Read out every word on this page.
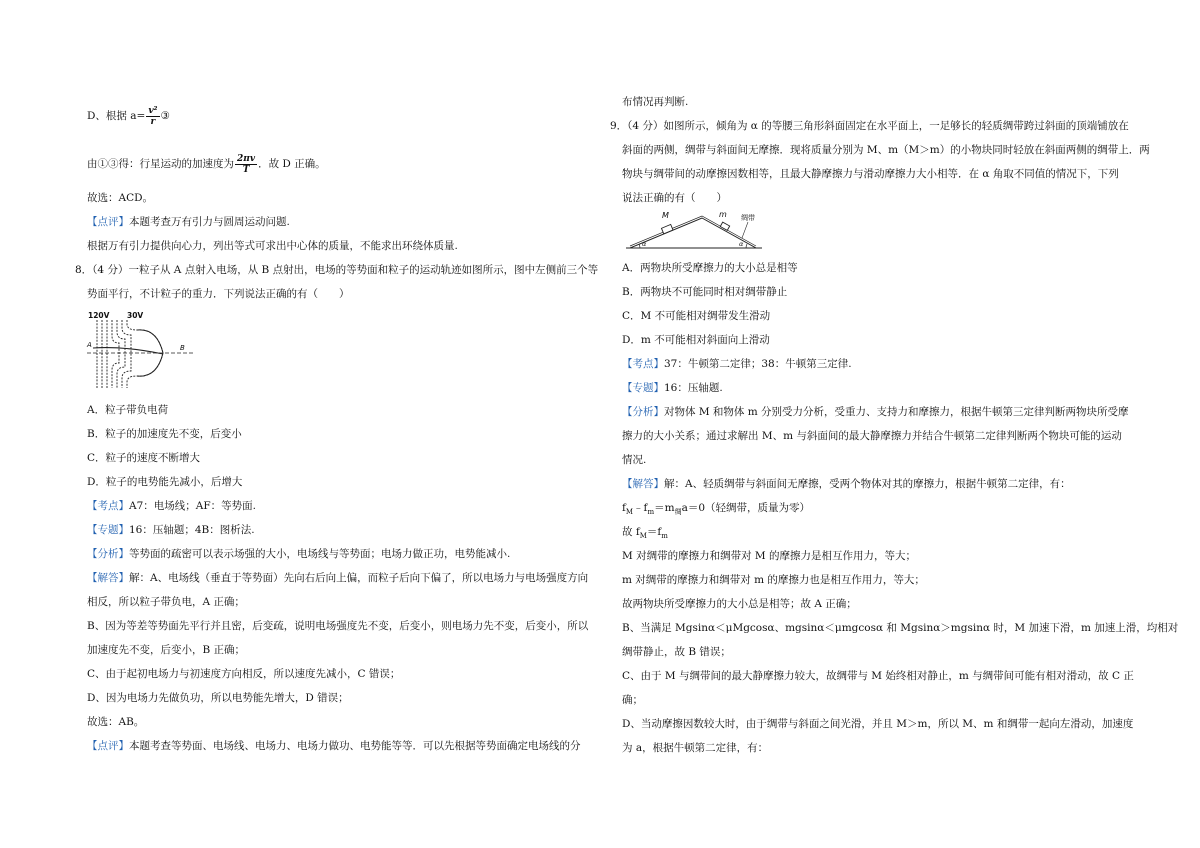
D、根据 $a= \frac{\text{v²}}{r}$ ③
由①③得：行星运动的加速度为 $\frac{2\pi v}{T}$ ．故 D 正确。
故选：ACD。
【点评】本题考查万有引力与圆周运动问题.
根据万有引力提供向心力，列出等式可求出中心体的质量，不能求出环绕体质量.
8．（4 分）一粒子从 A 点射入电场，从 B 点射出，电场的等势面和粒子的运动轨迹如图所示，图中左侧前三个等
势面平行，不计粒子的重力．下列说法正确的有（　　）
120V 30V
A	B
A．粒子带负电荷
B．粒子的加速度先不变，后变小
C．粒子的速度不断增大
D．粒子的电势能先减小，后增大
【考点】A7：电场线；AF：等势面.
【专题】16：压轴题；4B：图析法.
【分析】等势面的疏密可以表示场强的大小，电场线与等势面；电场力做正功，电势能减小.
【解答】解：A、电场线（垂直于等势面）先向右后向上偏，而粒子后向下偏了，所以电场力与电场强度方向
相反，所以粒子带负电，A 正确；
B、因为等差等势面先平行并且密，后变疏，说明电场强度先不变，后变小，则电场力先不变，后变小，所以
加速度先不变，后变小，B 正确；
C、由于起初电场力与初速度方向相反，所以速度先减小，C 错误；
D、因为电场力先做负功，所以电势能先增大，D 错误；
故选：AB。
【点评】本题考查等势面、电场线、电场力、电场力做功、电势能等等．可以先根据等势面确定电场线的分
布情况再判断.
9．（4 分）如图所示，倾角为 α 的等腰三角形斜面固定在水平面上，一足够长的轻质绸带跨过斜面的顶端铺放在
斜面的两侧，绸带与斜面间无摩擦．现将质量分别为 M、m（M＞m）的小物块同时轻放在斜面两侧的绸带上．两
物块与绸带间的动摩擦因数相等，且最大静摩擦力与滑动摩擦力大小相等．在 α 角取不同值的情况下，下列
说法正确的有（　　）
M	m 绸带
α	α
A．两物块所受摩擦力的大小总是相等
B．两物块不可能同时相对绸带静止
C．M 不可能相对绸带发生滑动
D．m 不可能相对斜面向上滑动
【考点】37：牛顿第二定律；38：牛顿第三定律.
【专题】16：压轴题.
【分析】对物体 M 和物体 m 分别受力分析，受重力、支持力和摩擦力，根据牛顿第三定律判断两物块所受摩
擦力的大小关系；通过求解出 M、m 与斜面间的最大静摩擦力并结合牛顿第二定律判断两个物块可能的运动
情况.
【解答】解：A、轻质绸带与斜面间无摩擦，受两个物体对其的摩擦力，根据牛顿第二定律，有：
$f_M﹣f_m=m_绸a=0$（轻绸带，质量为零）
故 $f_M=f_m$
M 对绸带的摩擦力和绸带对 M 的摩擦力是相互作用力，等大；
m 对绸带的摩擦力和绸带对 m 的摩擦力也是相互作用力，等大；
故两物块所受摩擦力的大小总是相等；故 A 正确；
B、当满足 Mgsinα＜μMgcosα、mgsinα＜μmgcosα 和 Mgsinα＞mgsinα 时，M 加速下滑，m 加速上滑，均相对
绸带静止，故 B 错误；
C、由于 M 与绸带间的最大静摩擦力较大，故绸带与 M 始终相对静止，m 与绸带间可能有相对滑动，故 C 正
确；
D、当动摩擦因数较大时，由于绸带与斜面之间光滑，并且 M＞m，所以 M、m 和绸带一起向左滑动，加速度
为 a，根据牛顿第二定律，有：
